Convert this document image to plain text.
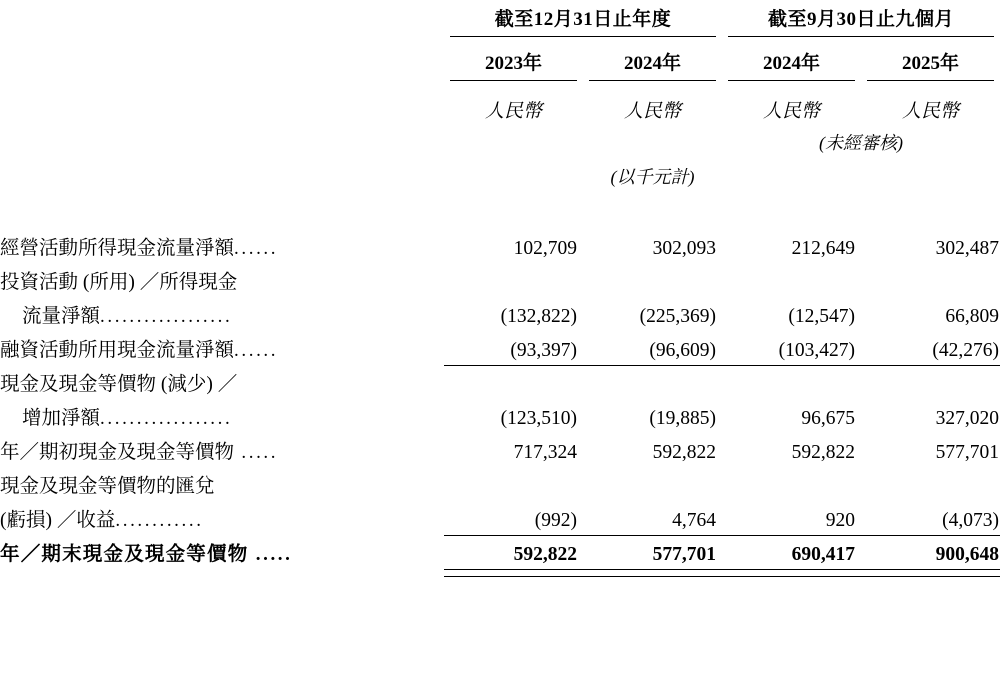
	截至12月31日止年度		截至9月30日止九個月	

	2023年	2024年	2024年	2025年

	人民幣	人民幣	人民幣	人民幣
			(未經審核)	
	(以千元計)			

經營活動所得現金流量淨額......	102,709	302,093	212,649	302,487
投資活動 (所用) ／所得現金				
流量淨額..................	(132,822)	(225,369)	(12,547)	66,809
融資活動所用現金流量淨額......	(93,397)	(96,609)	(103,427)	(42,276)
現金及現金等價物 (減少) ／				
增加淨額..................	(123,510)	(19,885)	96,675	327,020
年／期初現金及現金等價物 .....	717,324	592,822	592,822	577,701
現金及現金等價物的匯兌				
(虧損) ／收益............	(992)	4,764	920	(4,073)
年／期末現金及現金等價物 .....	592,822	577,701	690,417	900,648
